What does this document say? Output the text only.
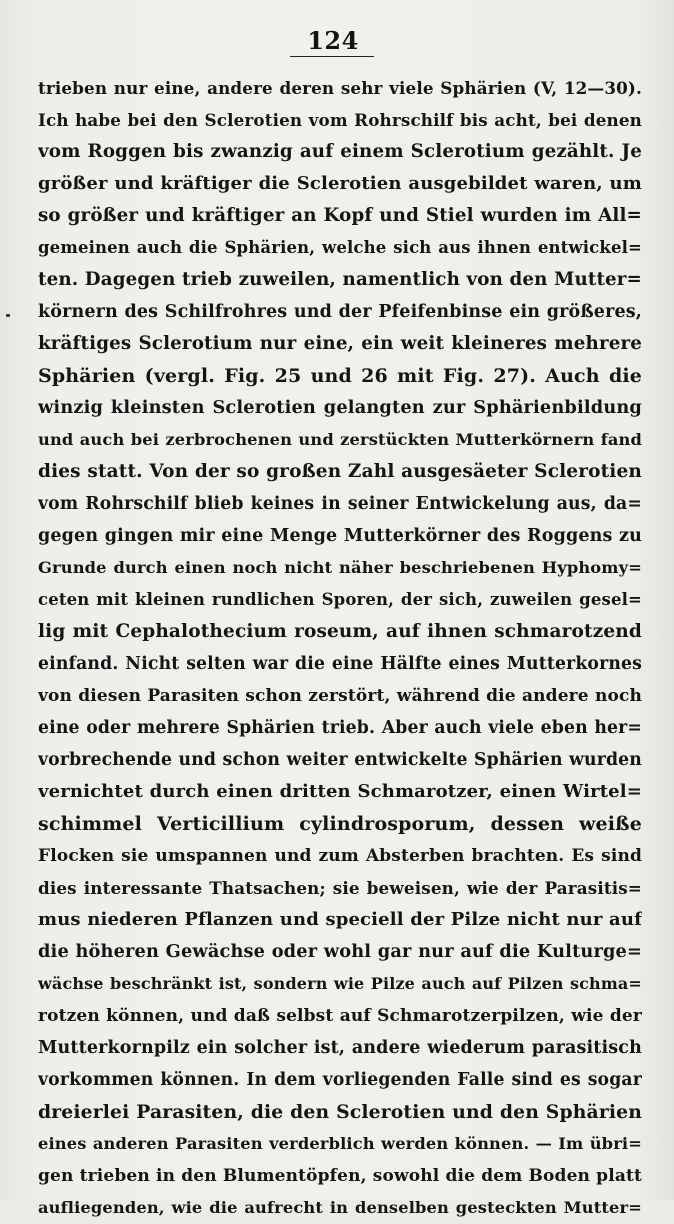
124
trieben nur eine, andere deren sehr viele Sphärien (V, 12—30).
Ich habe bei den Sclerotien vom Rohrschilf bis acht, bei denen
vom Roggen bis zwanzig auf einem Sclerotium gezählt. Je
größer und kräftiger die Sclerotien ausgebildet waren, um
so größer und kräftiger an Kopf und Stiel wurden im All=
gemeinen auch die Sphärien, welche sich aus ihnen entwickel=
ten. Dagegen trieb zuweilen, namentlich von den Mutter=
körnern des Schilfrohres und der Pfeifenbinse ein größeres,
kräftiges Sclerotium nur eine, ein weit kleineres mehrere
Sphärien (vergl. Fig. 25 und 26 mit Fig. 27). Auch die
winzig kleinsten Sclerotien gelangten zur Sphärienbildung
und auch bei zerbrochenen und zerstückten Mutterkörnern fand
dies statt. Von der so großen Zahl ausgesäeter Sclerotien
vom Rohrschilf blieb keines in seiner Entwickelung aus, da=
gegen gingen mir eine Menge Mutterkörner des Roggens zu
Grunde durch einen noch nicht näher beschriebenen Hyphomy=
ceten mit kleinen rundlichen Sporen, der sich, zuweilen gesel=
lig mit Cephalothecium roseum, auf ihnen schmarotzend
einfand. Nicht selten war die eine Hälfte eines Mutterkornes
von diesen Parasiten schon zerstört, während die andere noch
eine oder mehrere Sphärien trieb. Aber auch viele eben her=
vorbrechende und schon weiter entwickelte Sphärien wurden
vernichtet durch einen dritten Schmarotzer, einen Wirtel=
schimmel Verticillium cylindrosporum, dessen weiße
Flocken sie umspannen und zum Absterben brachten. Es sind
dies interessante Thatsachen; sie beweisen, wie der Parasitis=
mus niederen Pflanzen und speciell der Pilze nicht nur auf
die höheren Gewächse oder wohl gar nur auf die Kulturge=
wächse beschränkt ist, sondern wie Pilze auch auf Pilzen schma=
rotzen können, und daß selbst auf Schmarotzerpilzen, wie der
Mutterkornpilz ein solcher ist, andere wiederum parasitisch
vorkommen können. In dem vorliegenden Falle sind es sogar
dreierlei Parasiten, die den Sclerotien und den Sphärien
eines anderen Parasiten verderblich werden können. — Im übri=
gen trieben in den Blumentöpfen, sowohl die dem Boden platt
aufliegenden, wie die aufrecht in denselben gesteckten Mutter=
